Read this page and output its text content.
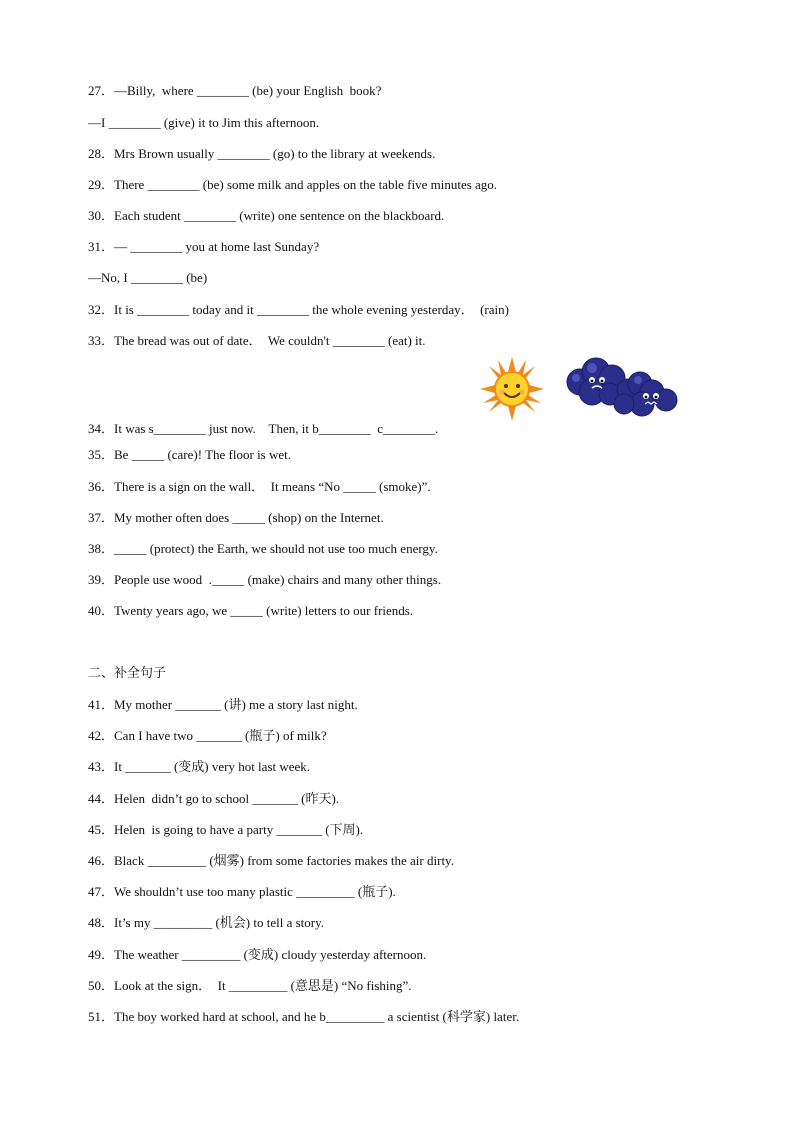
27．—Billy,  where ________ (be) your English  book?
—I ________ (give) it to Jim this afternoon.
28．Mrs Brown usually ________ (go) to the library at weekends.
29．There ________ (be) some milk and apples on the table five minutes ago.
30．Each student ________ (write) one sentence on the blackboard.
31．— ________ you at home last Sunday?
—No, I ________ (be)
32．It is ________ today and it ________ the whole evening yesterday．  (rain)
33．The bread was out of date．  We couldn't ________ (eat) it.
34．It was s________ just now.    Then, it b________  c________.
35．Be _____ (care)! The floor is wet.
36．There is a sign on the wall．  It means “No _____ (smoke)”.
37．My mother often does _____ (shop) on the Internet.
38．_____ (protect) the Earth, we should not use too much energy.
39．People use wood  ._____ (make) chairs and many other things.
40．Twenty years ago, we _____ (write) letters to our friends.
二、补全句子
41．My mother _______ (讲) me a story last night.
42．Can I have two _______ (瓶子) of milk?
43．It _______ (变成) very hot last week.
44．Helen  didn’t go to school _______ (昨天).
45．Helen  is going to have a party _______ (下周).
46．Black _________ (烟雾) from some factories makes the air dirty.
47．We shouldn’t use too many plastic _________ (瓶子).
48．It’s my _________ (机会) to tell a story.
49．The weather _________ (变成) cloudy yesterday afternoon.
50．Look at the sign．  It _________ (意思是) “No fishing”.
51．The boy worked hard at school, and he b_________ a scientist (科学家) later.
